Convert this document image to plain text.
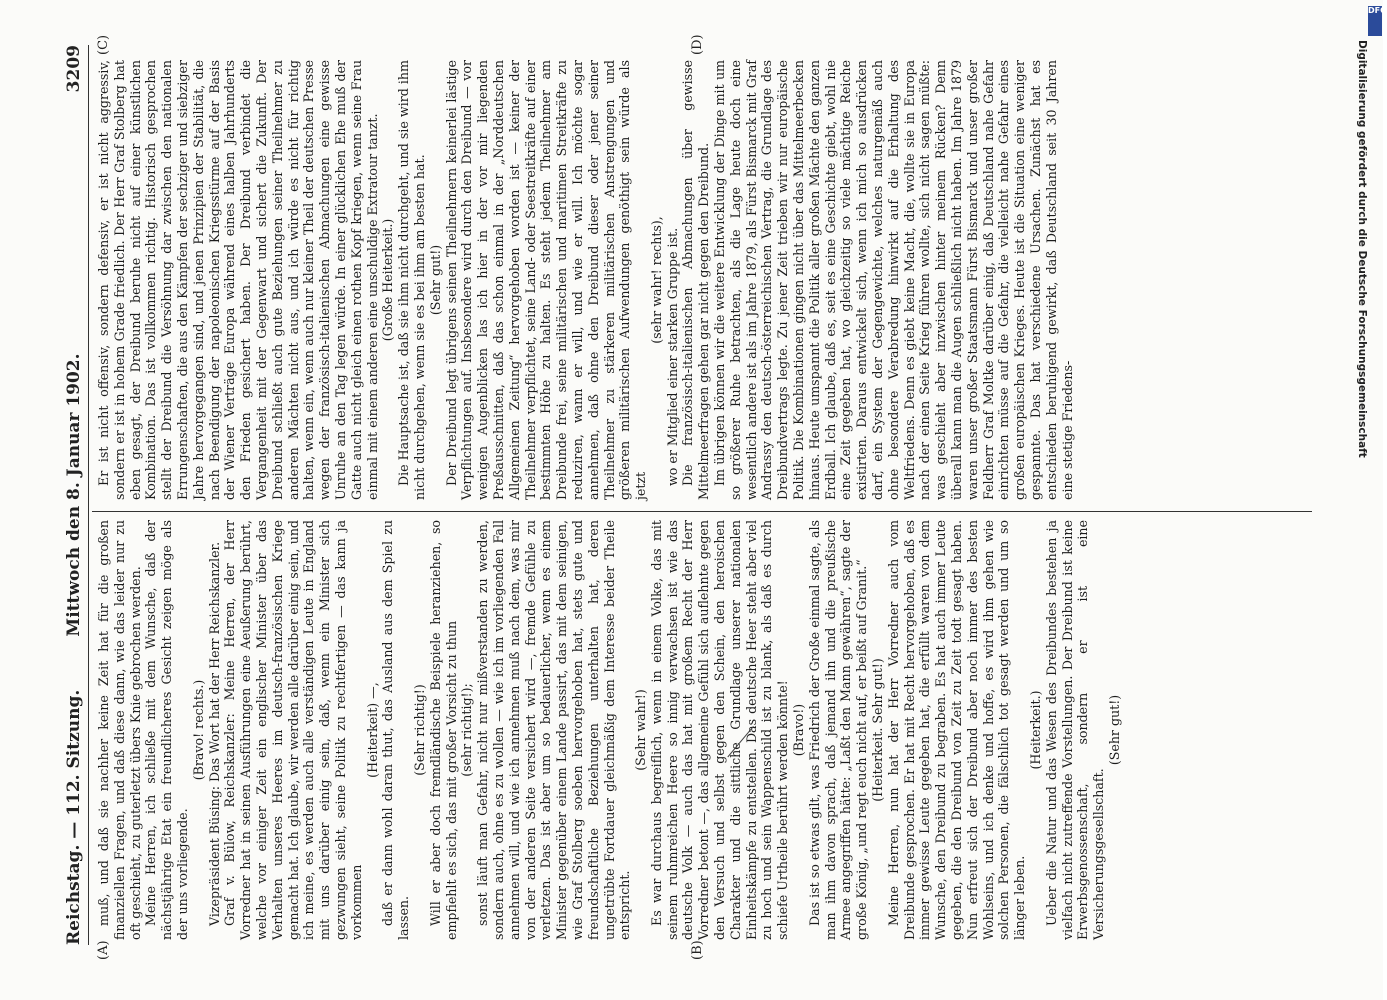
Reichstag. — 112. Sitzung.
Mittwoch den 8. Januar 1902.
3209
(A)	(B)
(C)	(D)

muß, und daß sie nachher keine Zeit hat für die großen finanziellen Fragen, und daß diese dann, wie das leider nur zu oft geschieht, zu guterletzt übers Knie gebrochen werden. Meine Herren, ich schließe mit dem Wunsche, daß der nächstjährige Etat ein freundlicheres Gesicht zeigen möge als der uns vorliegende.

(Bravo! rechts.) Vizepräsident Büsing: Das Wort hat der Herr Reichskanzler. Graf v. Bülow, Reichskanzler: Meine Herren, der Herr Vorredner hat in seinen Ausführungen eine Aeußerung berührt, welche vor einiger Zeit ein englischer Minister über das Verhalten unseres Heeres im deutsch-französischen Kriege gemacht hat. Ich glaube, wir werden alle darüber einig sein, und ich meine, es werden auch alle verständigen Leute in England mit uns darüber einig sein, daß, wenn ein Minister sich gezwungen sieht, seine Politik zu rechtfertigen — das kann ja vorkommen

(Heiterkeit) —, daß er dann wohl daran thut, das Ausland aus dem Spiel zu lassen.

(Sehr richtig!) Will er aber doch fremdländische Beispiele heranziehen, so empfiehlt es sich, das mit großer Vorsicht zu thun (sehr richtig!); sonst läuft man Gefahr, nicht nur mißverstanden zu werden, sondern auch, ohne es zu wollen — wie ich im vorliegenden Fall annehmen will, und wie ich annehmen muß nach dem, was mir von der anderen Seite versichert wird —, fremde Gefühle zu verletzen. Das ist aber um so bedauerlicher, wenn es einem Minister gegenüber einem Lande passirt, das mit dem seinigen, wie Graf Stolberg soeben hervorgehoben hat, stets gute und freundschaftliche Beziehungen unterhalten hat, deren ungetrübte Fortdauer gleichmäßig dem Interesse beider Theile entspricht.

(Sehr wahr!) Es war durchaus begreiflich, wenn in einem Volke, das mit seinem ruhmreichen Heere so innig verwachsen ist wie das deutsche Volk — auch das hat mit großem Recht der Herr Vorredner betont —, das allgemeine Gefühl sich auflehnte gegen den Versuch und selbst gegen den Schein, den heroischen Charakter und die sittliche Grundlage unserer nationalen Einheitskämpfe zu entstellen. Das deutsche Heer steht aber viel zu hoch und sein Wappenschild ist zu blank, als daß es durch schiefe Urtheile berührt werden könnte! (Bravo!) Das ist so etwas gilt, was Friedrich der Große einmal sagte, als man ihm davon sprach, daß jemand ihn und die preußische Armee angegriffen hätte: „Laßt den Mann gewähren“, sagte der große König, „und regt euch nicht auf, er beißt auf Granit.“ (Heiterkeit. Sehr gut!) Meine Herren, nun hat der Herr Vorredner auch vom Dreibunde gesprochen. Er hat mit Recht hervorgehoben, daß es immer gewisse Leute gegeben hat, die erfüllt waren von dem Wunsche, den Dreibund zu begraben. Es hat auch immer Leute gegeben, die den Dreibund von Zeit zu Zeit todt gesagt haben. Nun erfreut sich der Dreibund aber noch immer des besten Wohlseins, und ich denke und hoffe, es wird ihm gehen wie solchen Personen, die fälschlich tot gesagt werden und um so länger leben.

(Heiterkeit.) Ueber die Natur und das Wesen des Dreibundes bestehen ja vielfach nicht zutreffende Vorstellungen. Der Dreibund ist keine Erwerbsgenossenschaft, sondern er ist eine Versicherungsgesellschaft.

(Sehr gut!)

Er ist nicht offensiv, sondern defensiv, er ist nicht aggressiv, sondern er ist in hohem Grade friedlich. Der Herr Graf Stolberg hat eben gesagt, der Dreibund beruhe nicht auf einer künstlichen Kombination. Das ist vollkommen richtig. Historisch gesprochen stellt der Dreibund die Versöhnung dar zwischen den nationalen Errungenschaften, die aus den Kämpfen der sechziger und siebziger Jahre hervorgegangen sind, und jenen Prinzipien der Stabilität, die nach Beendigung der napoleonischen Kriegsstürme auf der Basis der Wiener Verträge Europa während eines halben Jahrhunderts den Frieden gesichert haben. Der Dreibund verbindet die Vergangenheit mit der Gegenwart und sichert die Zukunft. Der Dreibund schließt auch gute Beziehungen seiner Theilnehmer zu anderen Mächten nicht aus, und ich würde es nicht für richtig halten, wenn ein, wenn auch nur kleiner Theil der deutschen Presse wegen der französisch-italienischen Abmachungen eine gewisse Unruhe an den Tag legen würde. In einer glücklichen Ehe muß der Gatte auch nicht gleich einen rothen Kopf kriegen, wenn seine Frau einmal mit einem anderen eine unschuldige Extratour tanzt. (Große Heiterkeit.) Die Hauptsache ist, daß sie ihm nicht durchgeht, und sie wird ihm nicht durchgehen, wenn sie es bei ihm am besten hat. (Sehr gut!) Der Dreibund legt übrigens seinen Theilnehmern keinerlei lästige Verpflichtungen auf. Insbesondere wird durch den Dreibund — vor wenigen Augenblicken las ich hier in der vor mir liegenden Preßausschnitten, daß das schon einmal in der „Norddeutschen Allgemeinen Zeitung“ hervorgehoben worden ist — keiner der Theilnehmer verpflichtet, seine Land- oder Seestreitkräfte auf einer bestimmten Höhe zu halten. Es steht jedem Theilnehmer am Dreibunde frei, seine militärischen und maritimen Streitkräfte zu reduziren, wann er will, und wie er will. Ich möchte sogar annehmen, daß ohne den Dreibund dieser oder jener seiner Theilnehmer zu stärkeren militärischen Anstrengungen und größeren militärischen Aufwendungen genöthigt sein würde als jetzt

(sehr wahr! rechts), wo er Mitglied einer starken Gruppe ist. Die französisch-italienischen Abmachungen über gewisse Mittelmeerfragen gehen gar nicht gegen den Dreibund. Im übrigen können wir die weitere Entwicklung der Dinge mit um so größerer Ruhe betrachten, als die Lage heute doch eine wesentlich andere ist als im Jahre 1879, als Fürst Bismarck mit Graf Andrassy den deutsch-österreichischen Vertrag, die Grundlage des Dreibundvertrags legte. Zu jener Zeit trieben wir nur europäische Politik. Die Kombinationen gingen nicht über das Mittelmeerbecken hinaus. Heute umspannt die Politik aller großen Mächte den ganzen Erdball. Ich glaube, daß es, seit es eine Geschichte giebt, wohl nie eine Zeit gegeben hat, wo gleichzeitig so viele mächtige Reiche existirten. Daraus entwickelt sich, wenn ich mich so ausdrücken darf, ein System der Gegengewichte, welches naturgemäß auch ohne besondere Verabredung hinwirkt auf die Erhaltung des Weltfriedens. Denn es giebt keine Macht, die, wollte sie in Europa nach der einen Seite Krieg führen wollte, sich nicht sagen müßte: was geschieht aber inzwischen hinter meinem Rücken? Denn überall kann man die Augen schließlich nicht haben. Im Jahre 1879 waren unser großer Staatsmann Fürst Bismarck und unser großer Feldherr Graf Moltke darüber einig, daß Deutschland nahe Gefahr einrichten müsse auf die Gefahr, die vielleicht nahe Gefahr eines großen europäischen Krieges. Heute ist die Situation eine weniger gespannte. Das hat verschiedene Ursachen. Zunächst hat es entschieden beruhigend gewirkt, daß Deutschland seit 30 Jahren eine stetige Friedens-

DFG
Digitalisierung gefördert durch die Deutsche Forschungsgemeinschaft
